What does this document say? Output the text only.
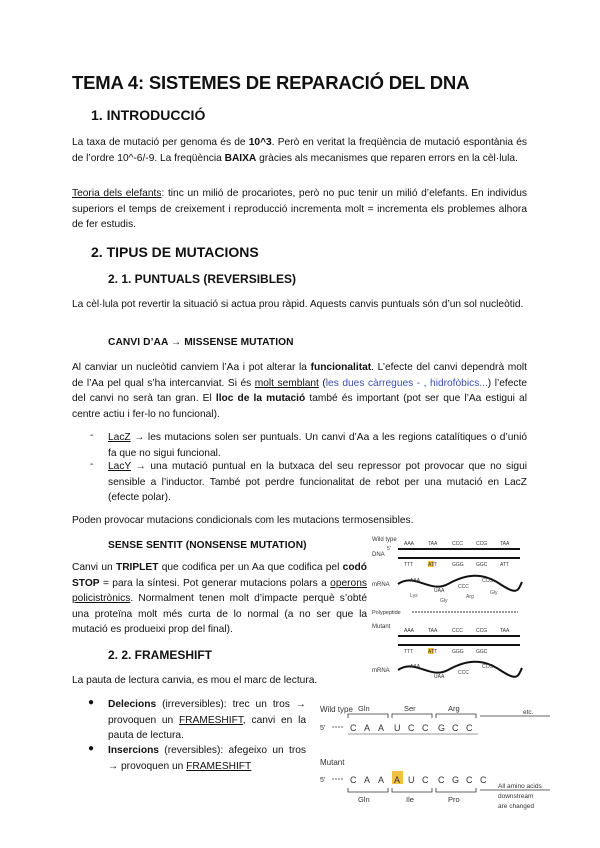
TEMA 4: SISTEMES DE REPARACIÓ DEL DNA
1. INTRODUCCIÓ
La taxa de mutació per genoma és de 10^3. Però en veritat la freqüència de mutació espontània és de l’ordre 10^-6/-9. La freqüència BAIXA gràcies als mecanismes que reparen errors en la cèl·lula.
Teoria dels elefants: tinc un milió de procariotes, però no puc tenir un milió d’elefants. En individus superiors el temps de creixement i reproducció incrementa molt = incrementa els problemes alhora de fer estudis.
2. TIPUS DE MUTACIONS
2. 1. PUNTUALS (REVERSIBLES)
La cèl·lula pot revertir la situació si actua prou ràpid. Aquests canvis puntuals són d’un sol nucleòtid.
CANVI D’AA → MISSENSE MUTATION
Al canviar un nucleòtid canviem l’Aa i pot alterar la funcionalitat. L’efecte del canvi dependrà molt de l’Aa pel qual s’ha intercanviat. Si és molt semblant (les dues càrregues - , hidrofòbics...) l’efecte del canvi no serà tan gran. El lloc de la mutació també és important (pot ser que l’Aa estigui al centre actiu i fer-lo no funcional).
- LacZ → les mutacions solen ser puntuals. Un canvi d’Aa a les regions catalítiques o d’unió fa que no sigui funcional.
- LacY → una mutació puntual en la butxaca del seu repressor pot provocar que no sigui sensible a l’inductor. També pot perdre funcionalitat de rebot per una mutació en LacZ (efecte polar).
Poden provocar mutacions condicionals com les mutacions termosensibles.
SENSE SENTIT (NONSENSE MUTATION)
Canvi un TRIPLET que codifica per un Aa que codifica pel codó STOP = para la síntesi. Pot generar mutacions polars a operons policistrònics. Normalment tenen molt d’impacte perquè s’obté una proteïna molt més curta de lo normal (a no ser que la mutació es produeixi prop del final).
2. 2. FRAMESHIFT
La pauta de lectura canvia, es mou el marc de lectura.
● Delecions (irreversibles): trec un tros → provoquen un FRAMESHIFT, canvi en la pauta de lectura.
● Insercions (reversibles): afegeixo un tros → provoquen un FRAMESHIFT
Wild type
DNA
5'
AAA	TAA	CCC	CCG	TAA
TTT	ATT	GGG GGC	ATT
mRNA
AAA
UAA
CCC
CCG
Lys
Gly
Arg
Gly
Polypeptide
Mutant
AAA	TAA	CCC	CCG	TAA
TTT	ATT	GGG GGC
mRNA
AAA
UAA
CCC
CCG
Wild type Gln	Ser	Arg	etc.
5'	C A A U C C G C C
Mutant
5'	C A A A U C C G C C
Gln	Ile	Pro
All amino acids
downstream
are changed
